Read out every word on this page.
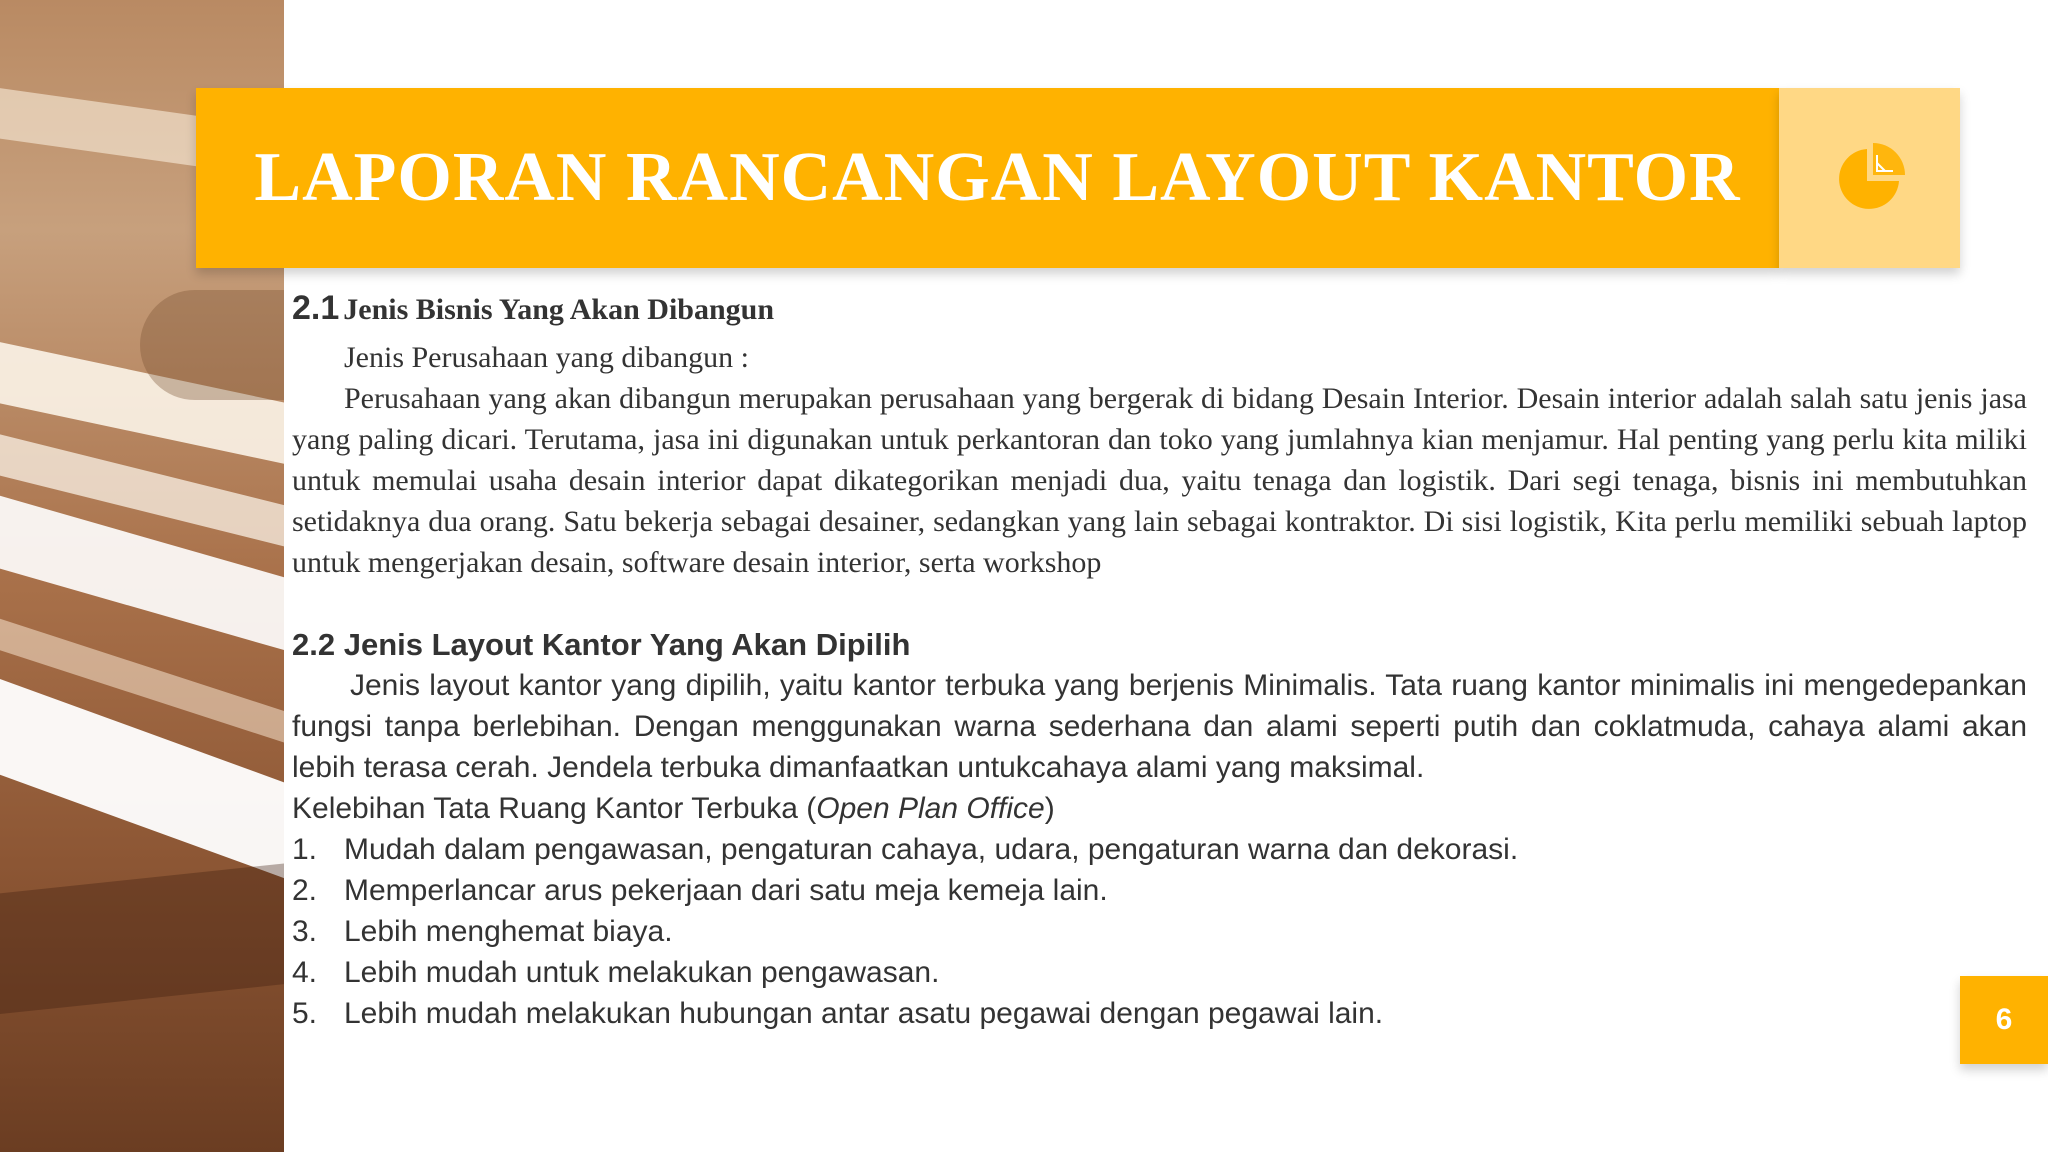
LAPORAN RANCANGAN LAYOUT KANTOR

2.1 Jenis Bisnis Yang Akan Dibangun

Jenis Perusahaan yang dibangun :

Perusahaan yang akan dibangun merupakan perusahaan yang bergerak di bidang Desain Interior. Desain interior adalah salah satu jenis jasa yang paling dicari. Terutama, jasa ini digunakan untuk perkantoran dan toko yang jumlahnya kian menjamur. Hal penting yang perlu kita miliki untuk memulai usaha desain interior dapat dikategorikan menjadi dua, yaitu tenaga dan logistik. Dari segi tenaga, bisnis ini membutuhkan setidaknya dua orang. Satu bekerja sebagai desainer, sedangkan yang lain sebagai kontraktor. Di sisi logistik, Kita perlu memiliki sebuah laptop untuk mengerjakan desain, software desain interior, serta workshop

2.2 Jenis Layout Kantor Yang Akan Dipilih

Jenis layout kantor yang dipilih, yaitu kantor terbuka yang berjenis Minimalis. Tata ruang kantor minimalis ini mengedepankan fungsi tanpa berlebihan. Dengan menggunakan warna sederhana dan alami seperti putih dan coklatmuda, cahaya alami akan lebih terasa cerah. Jendela terbuka dimanfaatkan untukcahaya alami yang maksimal.

Kelebihan Tata Ruang Kantor Terbuka (Open Plan Office)

1. Mudah dalam pengawasan, pengaturan cahaya, udara, pengaturan warna dan dekorasi.
2. Memperlancar arus pekerjaan dari satu meja kemeja lain.
3. Lebih menghemat biaya.
4. Lebih mudah untuk melakukan pengawasan.
5. Lebih mudah melakukan hubungan antar asatu pegawai dengan pegawai lain.	6
